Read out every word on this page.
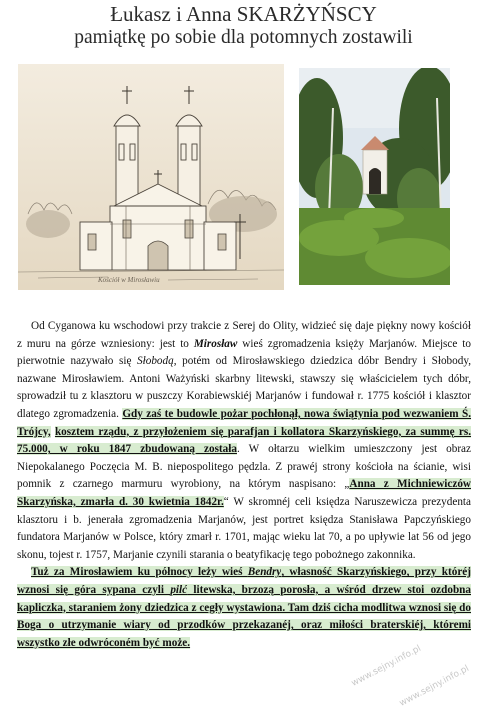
Łukasz i Anna SKARŻYŃSCY
pamiątkę po sobie dla potomnych zostawili
Kościół w Mirosławiu

Od Cyganowa ku wschodowi przy trakcie z Serej do Olity, widzieć się daje piękny nowy kościół z muru na górze wzniesiony: jest to Mirosław wieś zgromadzenia księży Marjanów. Miejsce to pierwotnie nazywało się Słobodą, potém od Mirosławskiego dziedzica dóbr Bendry i Słobody, nazwane Mirosławiem. Antoni Ważyński skarbny litewski, stawszy się właścicielem tych dóbr, sprowadził tu z klasztoru w puszczy Korabiewskiéj Marjanów i fundował r. 1775 kościół i klasztor dlatego zgromadzenia. Gdy zaś te budowle pożar pochłonął, nowa świątynia pod wezwaniem Ś. Trójcy, kosztem rządu, z przyłożeniem się parafjan i kollatora Skarzyńskiego, za summę rs. 75.000, w roku 1847 zbudowaną została. W ołtarzu wielkim umieszczony jest obraz Niepokalanego Poczęcia M. B. niepospolitego pędzla. Z prawéj strony kościoła na ścianie, wisi pomnik z czarnego marmuru wyrobiony, na którym naspisano: „Anna z Michniewiczów Skarzyńska, zmarła d. 30 kwietnia 1842r.“ W skromnéj celi księdza Naruszewicza prezydenta klasztoru i b. jenerała zgromadzenia Marjanów, jest portret księdza Stanisława Papczyńskiego fundatora Marjanów w Polsce, który zmarł r. 1701, mając wieku lat 70, a po upływie lat 56 od jego skonu, tojest r. 1757, Marjanie czynili starania o beatyfikację tego pobożnego zakonnika.

Tuż za Mirosławiem ku północy leży wieś Bendry, własność Skarzyńskiego, przy któréj wznosi się góra sypana czyli pilć litewska, brzozą porosła, a wśród drzew stoi ozdobna kapliczka, staraniem żony dziedzica z cegły wystawiona. Tam dziś cicha modlitwa wznosi się do Boga o utrzymanie wiary od przodków przekazanéj, oraz miłości braterskiéj, któremi wszystko złe odwróconém być może.

www.sejny.info.pl
www.sejny.info.pl
